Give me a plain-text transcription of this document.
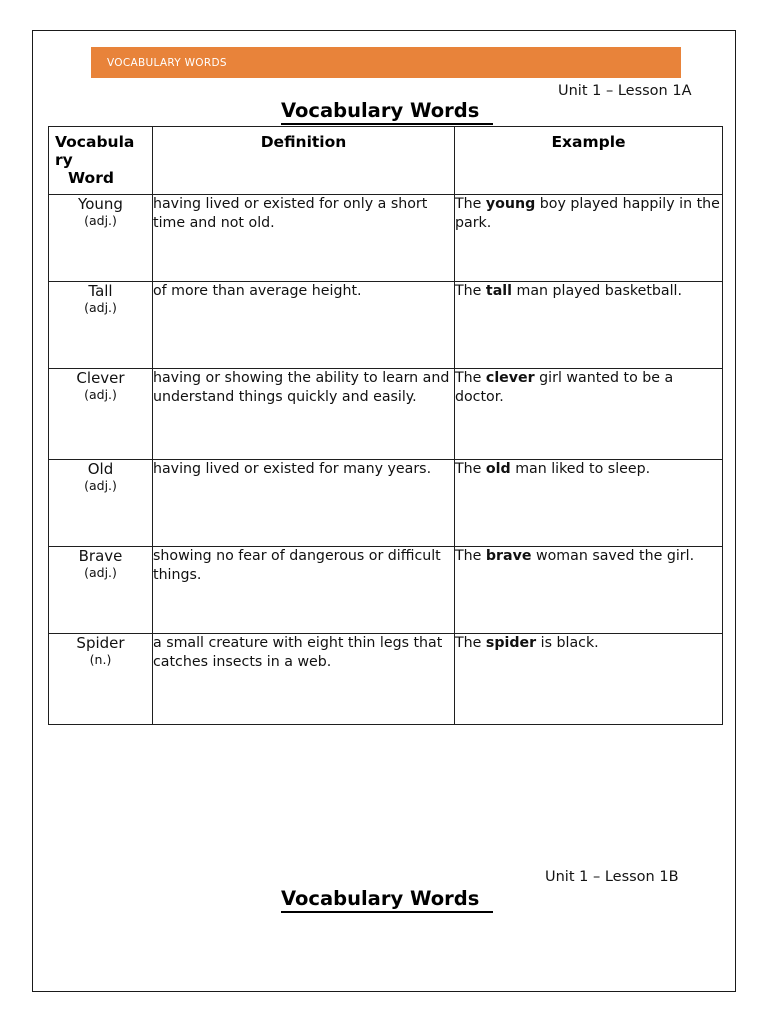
VOCABULARY WORDS
Unit 1 – Lesson 1A
Vocabulary Words
Vocabula
ry
Word	Definition	Example

Young
(adj.)	having lived or existed for only a short time and not old.	The young boy played happily in the park.

Tall
(adj.)	of more than average height.	The tall man played basketball.

Clever
(adj.)	having or showing the ability to learn and understand things quickly and easily.	The clever girl wanted to be a doctor.

Old
(adj.)	having lived or existed for many years.	The old man liked to sleep.

Brave
(adj.)	showing no fear of dangerous or difficult things.	The brave woman saved the girl.

Spider
(n.)	a small creature with eight thin legs that catches insects in a web.	The spider is black.
Unit 1 – Lesson 1B
Vocabulary Words
